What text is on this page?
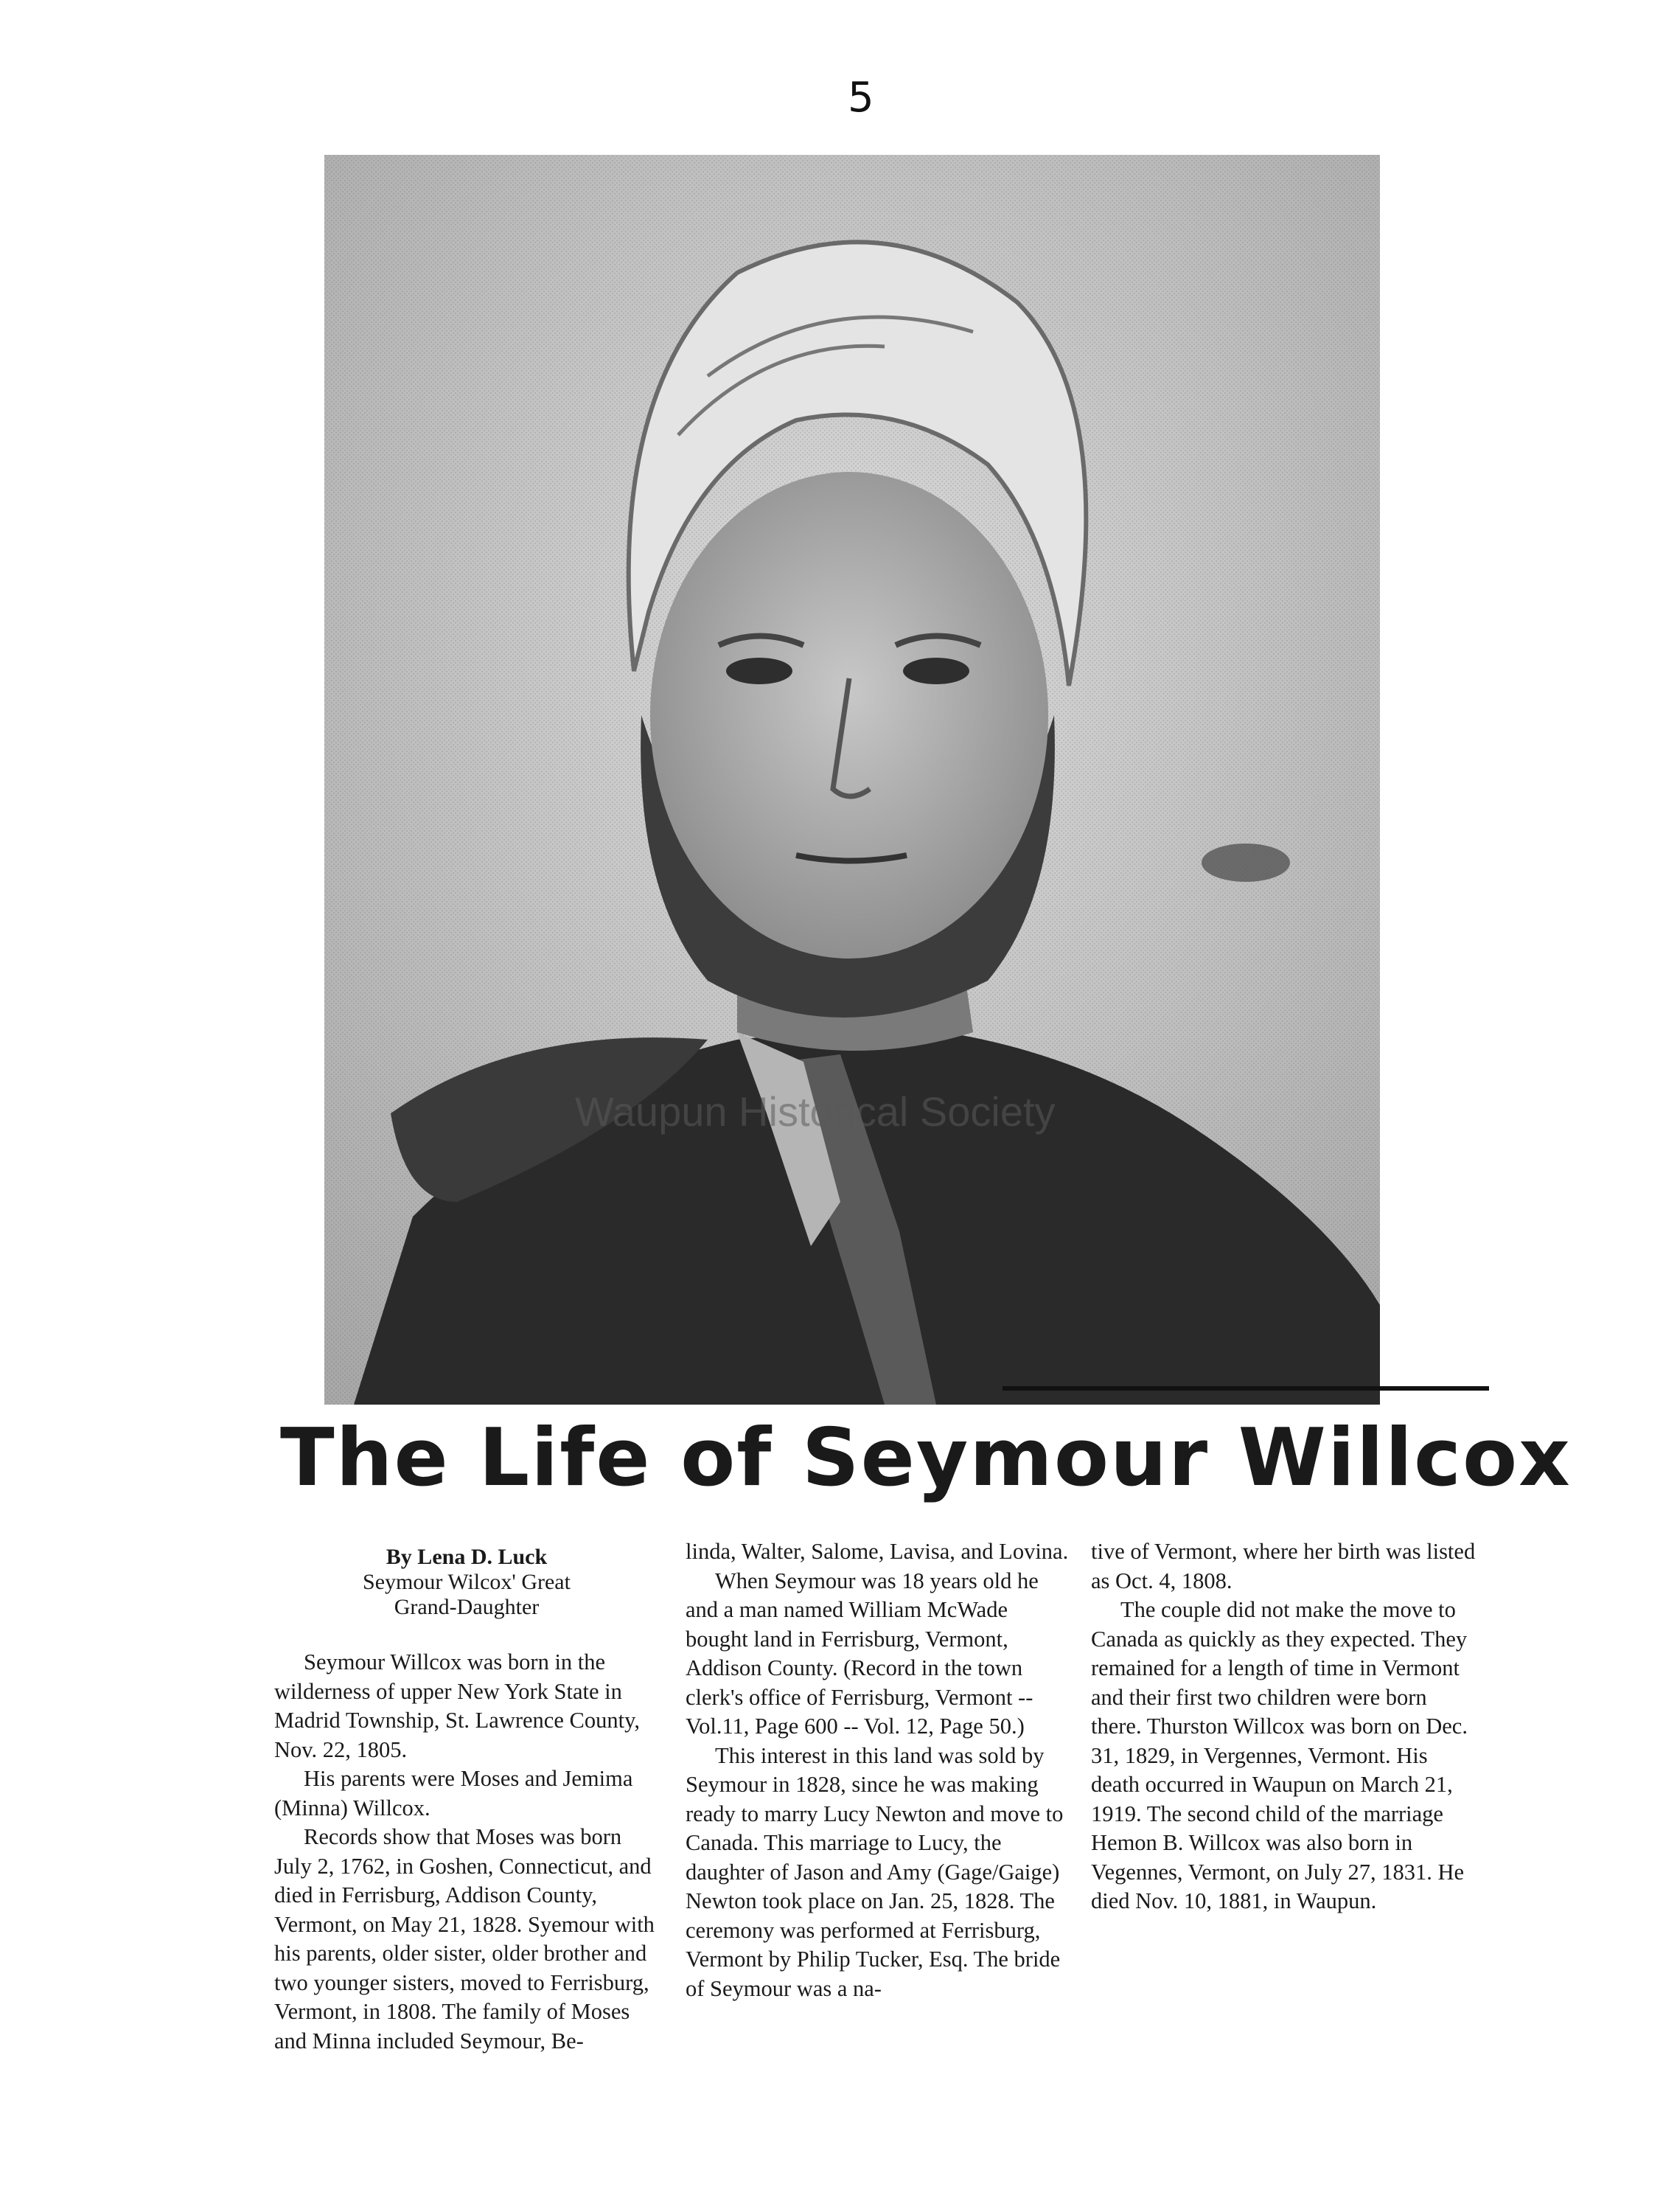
5
Waupun Historical Society
The Life of Seymour Willcox
By Lena D. Luck
Seymour Wilcox' Great
Grand-Daughter

Seymour Willcox was born in the wilderness of upper New York State in Madrid Township, St. Lawrence County, Nov. 22, 1805.

His parents were Moses and Jemima (Minna) Willcox.

Records show that Moses was born July 2, 1762, in Goshen, Connecticut, and died in Ferrisburg, Addison County, Vermont, on May 21, 1828. Syemour with his parents, older sister, older brother and two younger sisters, moved to Ferrisburg, Vermont, in 1808. The family of Moses and Minna included Seymour, Be-

linda, Walter, Salome, Lavisa, and Lovina.

When Seymour was 18 years old he and a man named William McWade bought land in Ferrisburg, Vermont, Addison County. (Record in the town clerk's office of Ferrisburg, Vermont -- Vol.11, Page 600 -- Vol. 12, Page 50.)

This interest in this land was sold by Seymour in 1828, since he was making ready to marry Lucy Newton and move to Canada. This marriage to Lucy, the daughter of Jason and Amy (Gage/Gaige) Newton took place on Jan. 25, 1828. The ceremony was performed at Ferrisburg, Vermont by Philip Tucker, Esq. The bride of Seymour was a na-

tive of Vermont, where her birth was listed as Oct. 4, 1808.

The couple did not make the move to Canada as quickly as they expected. They remained for a length of time in Vermont and their first two children were born there. Thurston Willcox was born on Dec. 31, 1829, in Vergennes, Vermont. His death occurred in Waupun on March 21, 1919. The second child of the marriage Hemon B. Willcox was also born in Vegennes, Vermont, on July 27, 1831. He died Nov. 10, 1881, in Waupun.
